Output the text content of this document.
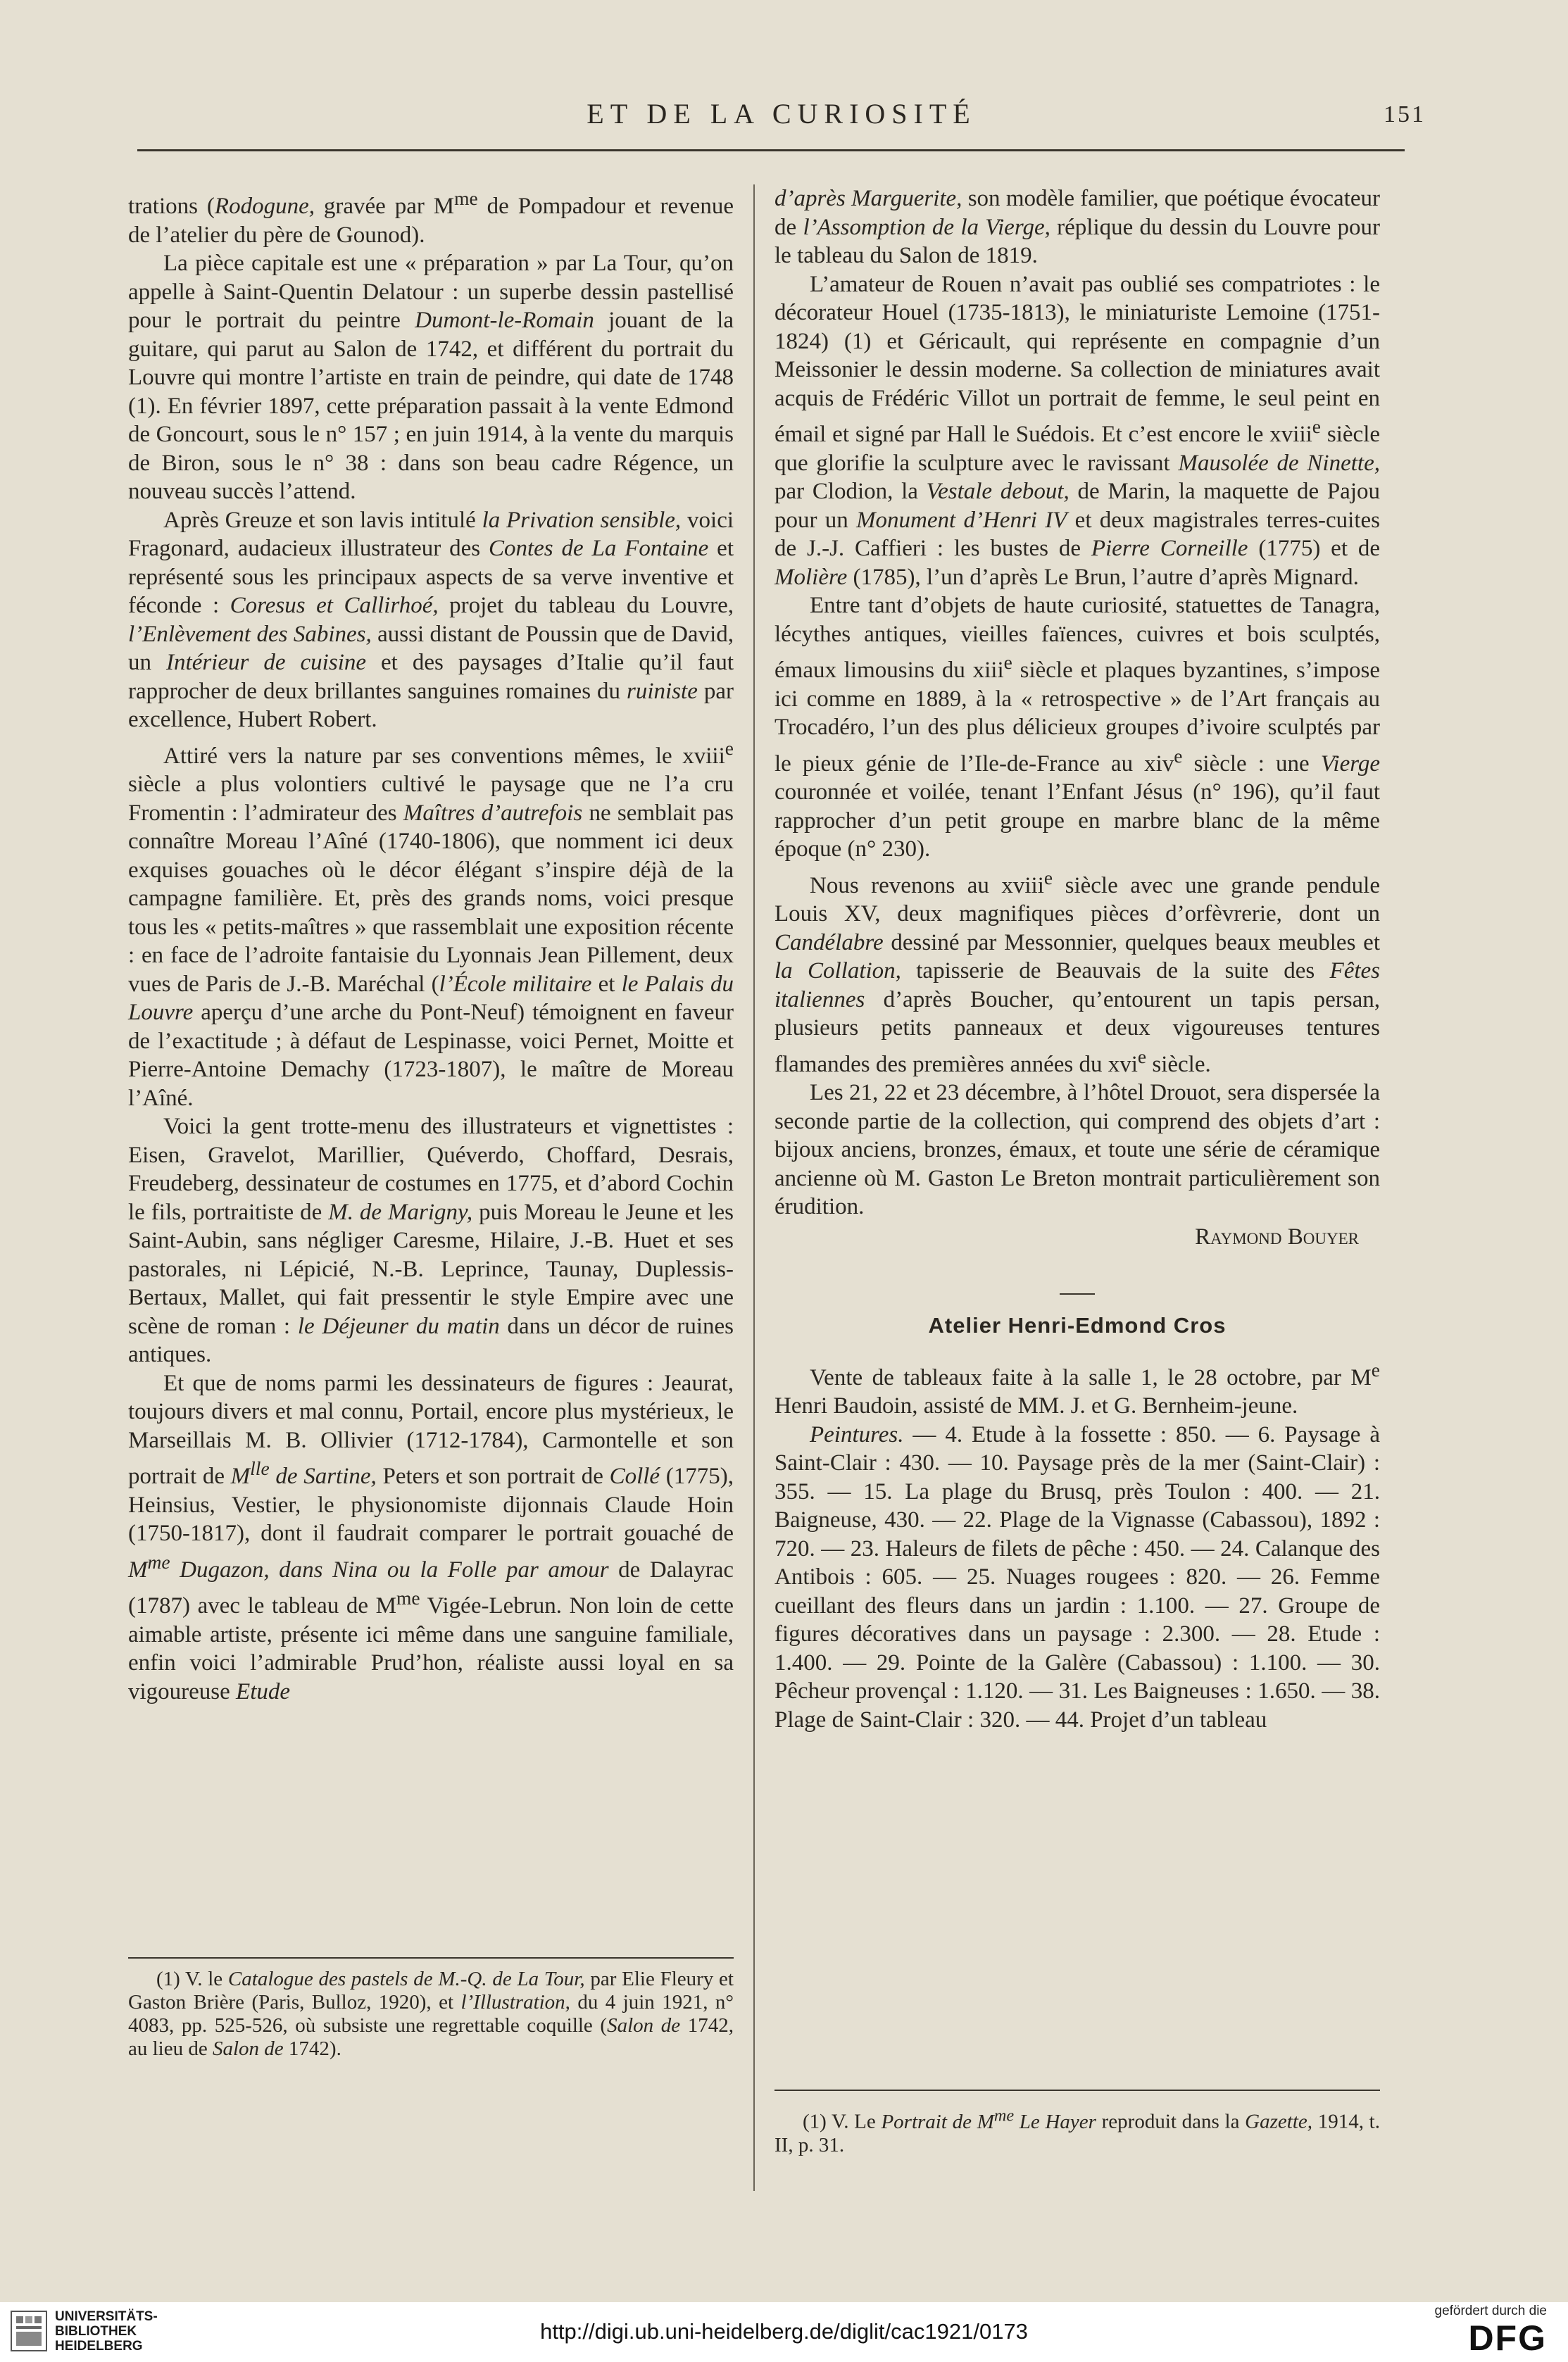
ET DE LA CURIOSITÉ	151

trations (Rodogune, gravée par $M^{me}$ de Pompadour et revenue de l’atelier du père de Gounod).

La pièce capitale est une « préparation » par La Tour, qu’on appelle à Saint-Quentin Delatour : un superbe dessin pastellisé pour le portrait du peintre Dumont-le-Romain jouant de la guitare, qui parut au Salon de 1742, et différent du portrait du Louvre qui montre l’artiste en train de peindre, qui date de 1748 (1). En février 1897, cette préparation passait à la vente Edmond de Goncourt, sous le n° 157 ; en juin 1914, à la vente du marquis de Biron, sous le n° 38 : dans son beau cadre Régence, un nouveau succès l’attend.

Après Greuze et son lavis intitulé la Privation sensible, voici Fragonard, audacieux illustrateur des Contes de La Fontaine et représenté sous les principaux aspects de sa verve inventive et féconde : Coresus et Callirhoé, projet du tableau du Louvre, l’Enlèvement des Sabines, aussi distant de Poussin que de David, un Intérieur de cuisine et des paysages d’Italie qu’il faut rapprocher de deux brillantes sanguines romaines du ruiniste par excellence, Hubert Robert.

Attiré vers la nature par ses conventions mêmes, le xviii$^e$ siècle a plus volontiers cultivé le paysage que ne l’a cru Fromentin : l’admirateur des Maîtres d’autrefois ne semblait pas connaître Moreau l’Aîné (1740-1806), que nomment ici deux exquises gouaches où le décor élégant s’inspire déjà de la campagne familière. Et, près des grands noms, voici presque tous les « petits-maîtres » que rassemblait une exposition récente : en face de l’adroite fantaisie du Lyonnais Jean Pillement, deux vues de Paris de J.-B. Maréchal (l’École militaire et le Palais du Louvre aperçu d’une arche du Pont-Neuf) témoignent en faveur de l’exactitude ; à défaut de Lespinasse, voici Pernet, Moitte et Pierre-Antoine Demachy (1723-1807), le maître de Moreau l’Aîné.

Voici la gent trotte-menu des illustrateurs et vignettistes : Eisen, Gravelot, Marillier, Quéverdo, Choffard, Desrais, Freudeberg, dessinateur de costumes en 1775, et d’abord Cochin le fils, portraitiste de M. de Marigny, puis Moreau le Jeune et les Saint-Aubin, sans négliger Caresme, Hilaire, J.-B. Huet et ses pastorales, ni Lépicié, N.-B. Leprince, Taunay, Duplessis-Bertaux, Mallet, qui fait pressentir le style Empire avec une scène de roman : le Déjeuner du matin dans un décor de ruines antiques.

Et que de noms parmi les dessinateurs de figures : Jeaurat, toujours divers et mal connu, Portail, encore plus mystérieux, le Marseillais M. B. Ollivier (1712-1784), Carmontelle et son portrait de $M^{lle}$ de Sartine, Peters et son portrait de Collé (1775), Heinsius, Vestier, le physionomiste dijonnais Claude Hoin (1750-1817), dont il faudrait comparer le portrait gouaché de $M^{me}$ Dugazon, dans Nina ou la Folle par amour de Dalayrac (1787) avec le tableau de $M^{me}$ Vigée-Lebrun. Non loin de cette aimable artiste, présente ici même dans une sanguine familiale, enfin voici l’admirable Prud’hon, réaliste aussi loyal en sa vigoureuse Etude

(1) V. le Catalogue des pastels de M.-Q. de La Tour, par Elie Fleury et Gaston Brière (Paris, Bulloz, 1920), et l’Illustration, du 4 juin 1921, n° 4083, pp. 525-526, où subsiste une regrettable coquille (Salon de 1742, au lieu de Salon de 1742).

d’après Marguerite, son modèle familier, que poétique évocateur de l’Assomption de la Vierge, réplique du dessin du Louvre pour le tableau du Salon de 1819.

L’amateur de Rouen n’avait pas oublié ses compatriotes : le décorateur Houel (1735-1813), le miniaturiste Lemoine (1751-1824) (1) et Géricault, qui représente en compagnie d’un Meissonier le dessin moderne. Sa collection de miniatures avait acquis de Frédéric Villot un portrait de femme, le seul peint en émail et signé par Hall le Suédois. Et c’est encore le xviii$^e$ siècle que glorifie la sculpture avec le ravissant Mausolée de Ninette, par Clodion, la Vestale debout, de Marin, la maquette de Pajou pour un Monument d’Henri IV et deux magistrales terres-cuites de J.-J. Caffieri : les bustes de Pierre Corneille (1775) et de Molière (1785), l’un d’après Le Brun, l’autre d’après Mignard.

Entre tant d’objets de haute curiosité, statuettes de Tanagra, lécythes antiques, vieilles faïences, cuivres et bois sculptés, émaux limousins du xiii$^e$ siècle et plaques byzantines, s’impose ici comme en 1889, à la « retrospective » de l’Art français au Trocadéro, l’un des plus délicieux groupes d’ivoire sculptés par le pieux génie de l’Ile-de-France au xiv$^e$ siècle : une Vierge couronnée et voilée, tenant l’Enfant Jésus (n° 196), qu’il faut rapprocher d’un petit groupe en marbre blanc de la même époque (n° 230).

Nous revenons au xviii$^e$ siècle avec une grande pendule Louis XV, deux magnifiques pièces d’orfèvrerie, dont un Candélabre dessiné par Messonnier, quelques beaux meubles et la Collation, tapisserie de Beauvais de la suite des Fêtes italiennes d’après Boucher, qu’entourent un tapis persan, plusieurs petits panneaux et deux vigoureuses tentures flamandes des premières années du xvi$^e$ siècle.

Les 21, 22 et 23 décembre, à l’hôtel Drouot, sera dispersée la seconde partie de la collection, qui comprend des objets d’art : bijoux anciens, bronzes, émaux, et toute une série de céramique ancienne où M. Gaston Le Breton montrait particulièrement son érudition.

Raymond Bouyer
Atelier Henri-Edmond Cros

Vente de tableaux faite à la salle 1, le 28 octobre, par Me Henri Baudoin, assisté de MM. J. et G. Bernheim-jeune.

Peintures. — 4. Etude à la fossette : 850. — 6. Paysage à Saint-Clair : 430. — 10. Paysage près de la mer (Saint-Clair) : 355. — 15. La plage du Brusq, près Toulon : 400. — 21. Baigneuse, 430. — 22. Plage de la Vignasse (Cabassou), 1892 : 720. — 23. Haleurs de filets de pêche : 450. — 24. Calanque des Antibois : 605. — 25. Nuages rougees : 820. — 26. Femme cueillant des fleurs dans un jardin : 1.100. — 27. Groupe de figures décoratives dans un paysage : 2.300. — 28. Etude : 1.400. — 29. Pointe de la Galère (Cabassou) : 1.100. — 30. Pêcheur provençal : 1.120. — 31. Les Baigneuses : 1.650. — 38. Plage de Saint-Clair : 320. — 44. Projet d’un tableau

(1) V. Le Portrait de $M^{me}$ Le Hayer reproduit dans la Gazette, 1914, t. II, p. 31.

UNIVERSITÄTS-
BIBLIOTHEK
HEIDELBERG
http://digi.ub.uni-heidelberg.de/diglit/cac1921/0173
gefördert durch die
DFG
